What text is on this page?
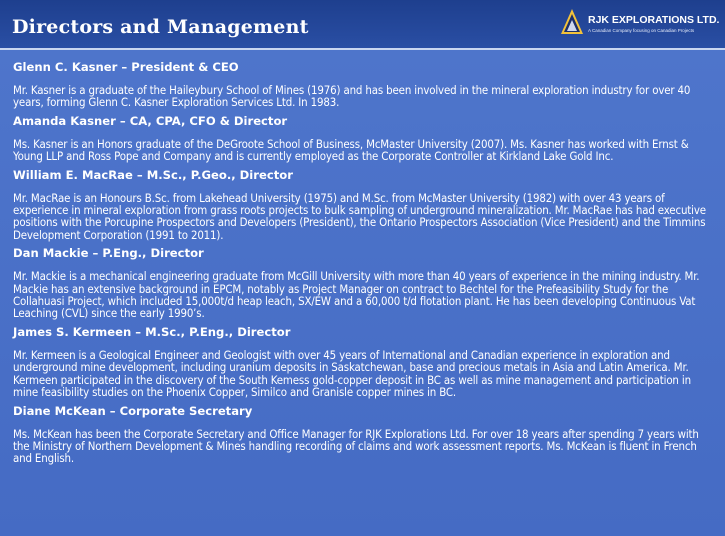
Directors and Management	RJK EXPLORATIONS LTD.
A Canadian Company focusing on Canadian Projects
Glenn C. Kasner – President & CEO
Mr. Kasner is a graduate of the Haileybury School of Mines (1976) and has been involved in the mineral exploration industry for over 40 years, forming Glenn C. Kasner Exploration Services Ltd. In 1983.
Amanda Kasner – CA, CPA, CFO & Director
Ms. Kasner is an Honors graduate of the DeGroote School of Business, McMaster University (2007). Ms. Kasner has worked with Ernst & Young LLP and Ross Pope and Company and is currently employed as the Corporate Controller at Kirkland Lake Gold Inc.
William E. MacRae – M.Sc., P.Geo., Director
Mr. MacRae is an Honours B.Sc. from Lakehead University (1975) and M.Sc. from McMaster University (1982) with over 43 years of experience in mineral exploration from grass roots projects to bulk sampling of underground mineralization. Mr. MacRae has had executive positions with the Porcupine Prospectors and Developers (President), the Ontario Prospectors Association (Vice President) and the Timmins Development Corporation (1991 to 2011).
Dan Mackie – P.Eng., Director
Mr. Mackie is a mechanical engineering graduate from McGill University with more than 40 years of experience in the mining industry. Mr. Mackie has an extensive background in EPCM, notably as Project Manager on contract to Bechtel for the Prefeasibility Study for the Collahuasi Project, which included 15,000t/d heap leach, SX/EW and a 60,000 t/d flotation plant. He has been developing Continuous Vat Leaching (CVL) since the early 1990’s.
James S. Kermeen – M.Sc., P.Eng., Director
Mr. Kermeen is a Geological Engineer and Geologist with over 45 years of International and Canadian experience in exploration and underground mine development, including uranium deposits in Saskatchewan, base and precious metals in Asia and Latin America. Mr. Kermeen participated in the discovery of the South Kemess gold-copper deposit in BC as well as mine management and participation in mine feasibility studies on the Phoenix Copper, Similco and Granisle copper mines in BC.
Diane McKean – Corporate Secretary
Ms. McKean has been the Corporate Secretary and Office Manager for RJK Explorations Ltd. For over 18 years after spending 7 years with the Ministry of Northern Development & Mines handling recording of claims and work assessment reports. Ms. McKean is fluent in French and English.
